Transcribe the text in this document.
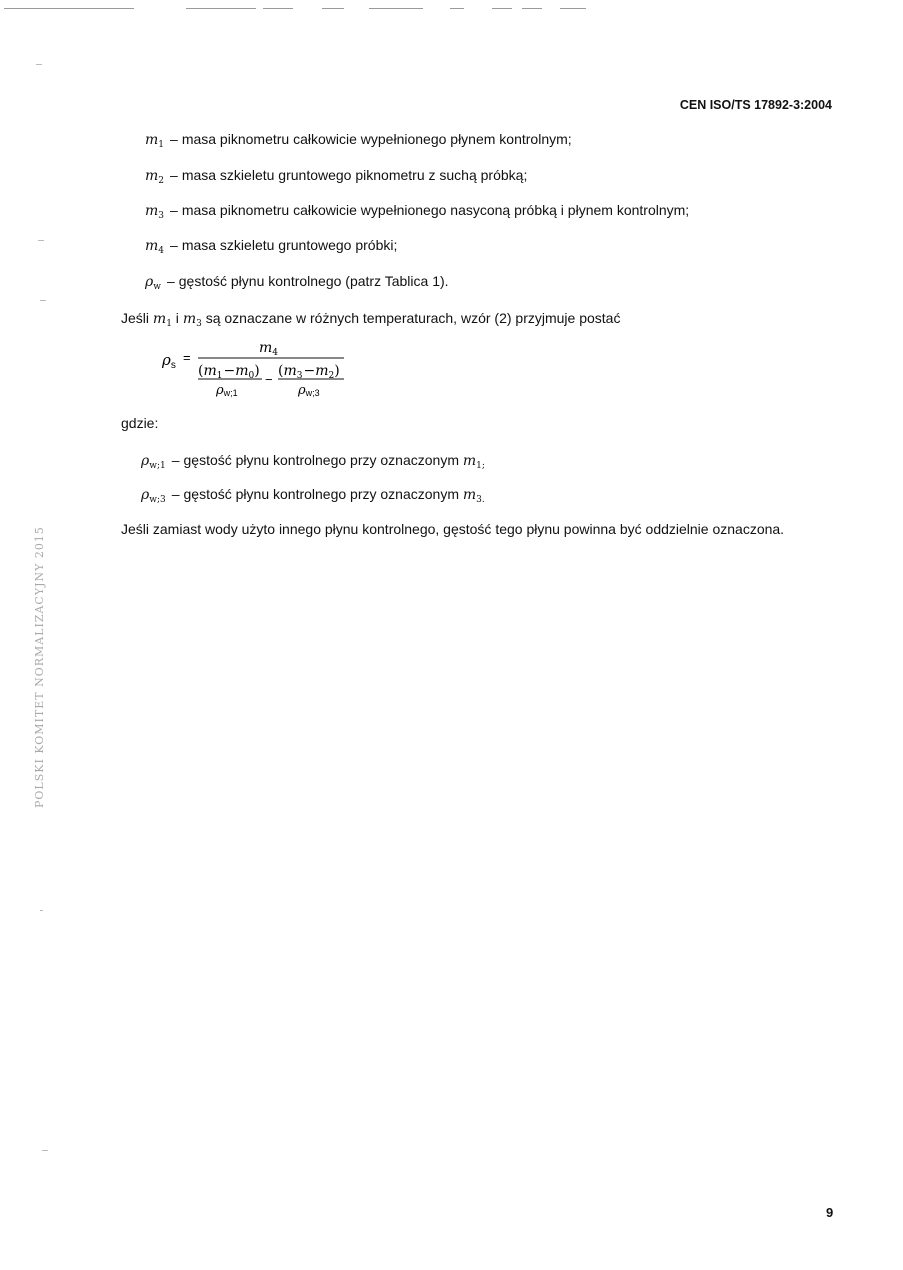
POLSKI KOMITET NORMALIZACYJNY 2015
CEN ISO/TS 17892-3:2004
$m_1$ – masa piknometru całkowicie wypełnionego płynem kontrolnym;
$m_2$ – masa szkieletu gruntowego piknometru z suchą próbką;
$m_3$ – masa piknometru całkowicie wypełnionego nasyconą próbką i płynem kontrolnym;
$m_4$ – masa szkieletu gruntowego próbki;
$\rho_w$ – gęstość płynu kontrolnego (patrz Tablica 1).
Jeśli $m_1$ i $m_3$ są oznaczane w różnych temperaturach, wzór (2) przyjmuje postać
$\rho_s$
=
$m_4$
$(m_1-m_0)$
ρw;1
−
$(m_3-m_2)$
ρw;3
gdzie:
$\rho_{w;1}$ – gęstość płynu kontrolnego przy oznaczonym $m_{1;}$
$\rho_{w;3}$ – gęstość płynu kontrolnego przy oznaczonym $m_{3.}$
Jeśli zamiast wody użyto innego płynu kontrolnego, gęstość tego płynu powinna być oddzielnie oznaczona.
9
